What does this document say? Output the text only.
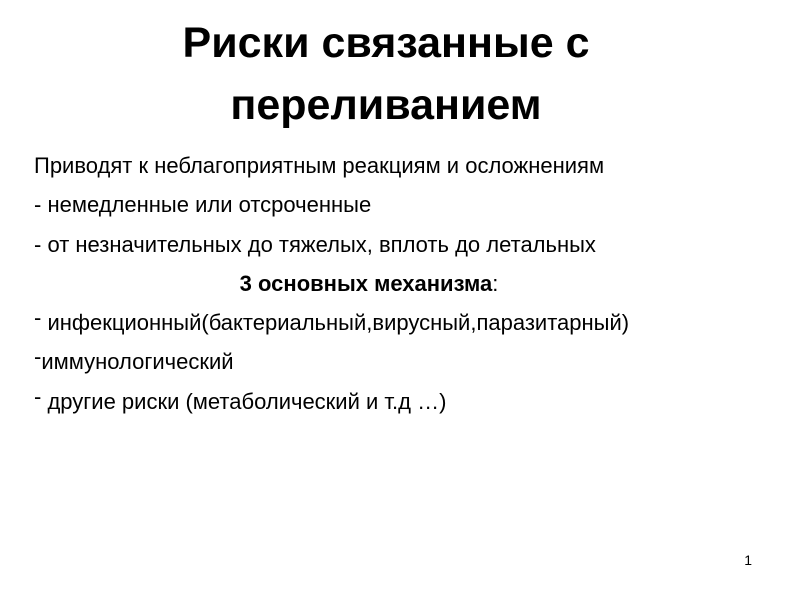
Риски связанные с
переливанием
Приводят к неблагоприятным реакциям и осложнениям
- немедленные или отсроченные
- от незначительных до тяжелых, вплоть до летальных
3 основных механизма:
- инфекционный(бактериальный,вирусный,паразитарный)
-иммунологический
- другие риски (метаболический и т.д …)
1
